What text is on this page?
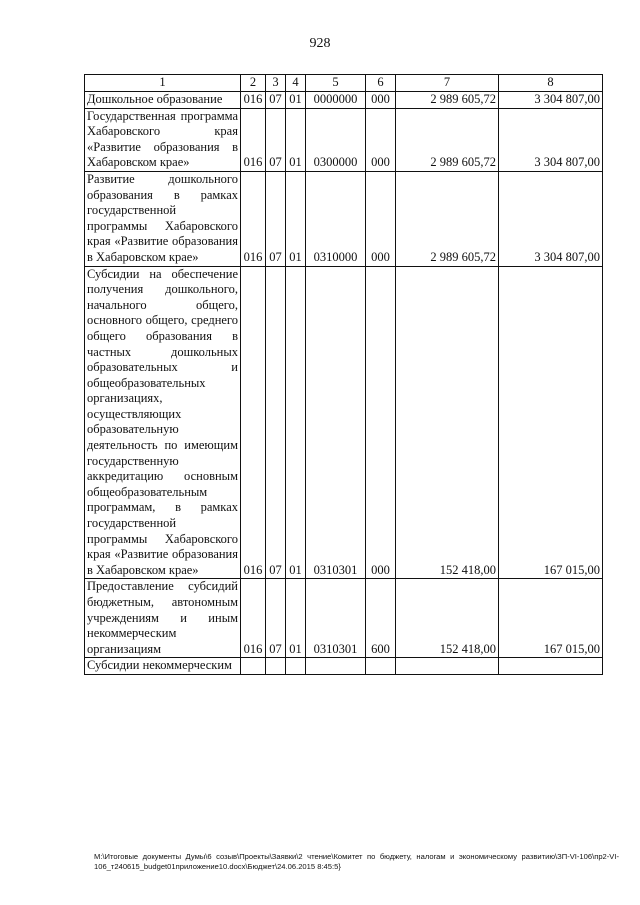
928
1	2	3	4	5	6	7	8
Дошкольное образование	016	07	01	0000000	000	2 989 605,72	3 304 807,00
Государственная программа Хабаровского края «Развитие образования в Хабаровском крае»	016	07	01	0300000	000	2 989 605,72	3 304 807,00
Развитие дошкольного образования в рамках государственной программы Хабаровского края «Развитие образования в Хабаровском крае»	016	07	01	0310000	000	2 989 605,72	3 304 807,00
Субсидии на обеспечение получения дошкольного, начального общего, основного общего, среднего общего образования в частных дошкольных образовательных и общеобразовательных организациях, осуществляющих образовательную деятельность по имеющим государственную аккредитацию основным общеобразовательным программам, в рамках государственной программы Хабаровского края «Развитие образования в Хабаровском крае»	016	07	01	0310301	000	152 418,00	167 015,00
Предоставление субсидий бюджетным, автономным учреждениям и иным некоммерческим организациям	016	07	01	0310301	600	152 418,00	167 015,00
Субсидии некоммерческим							
М:\Итоговые документы Думы\6 созыв\Проекты\Заявки\2 чтение\Комитет по бюджету, налогам и экономическому развитию\ЗП-VI-106\пр2-VI-106_т240615_budget01приложение10.docx\Бюджет\24.06.2015 8:45:5}
